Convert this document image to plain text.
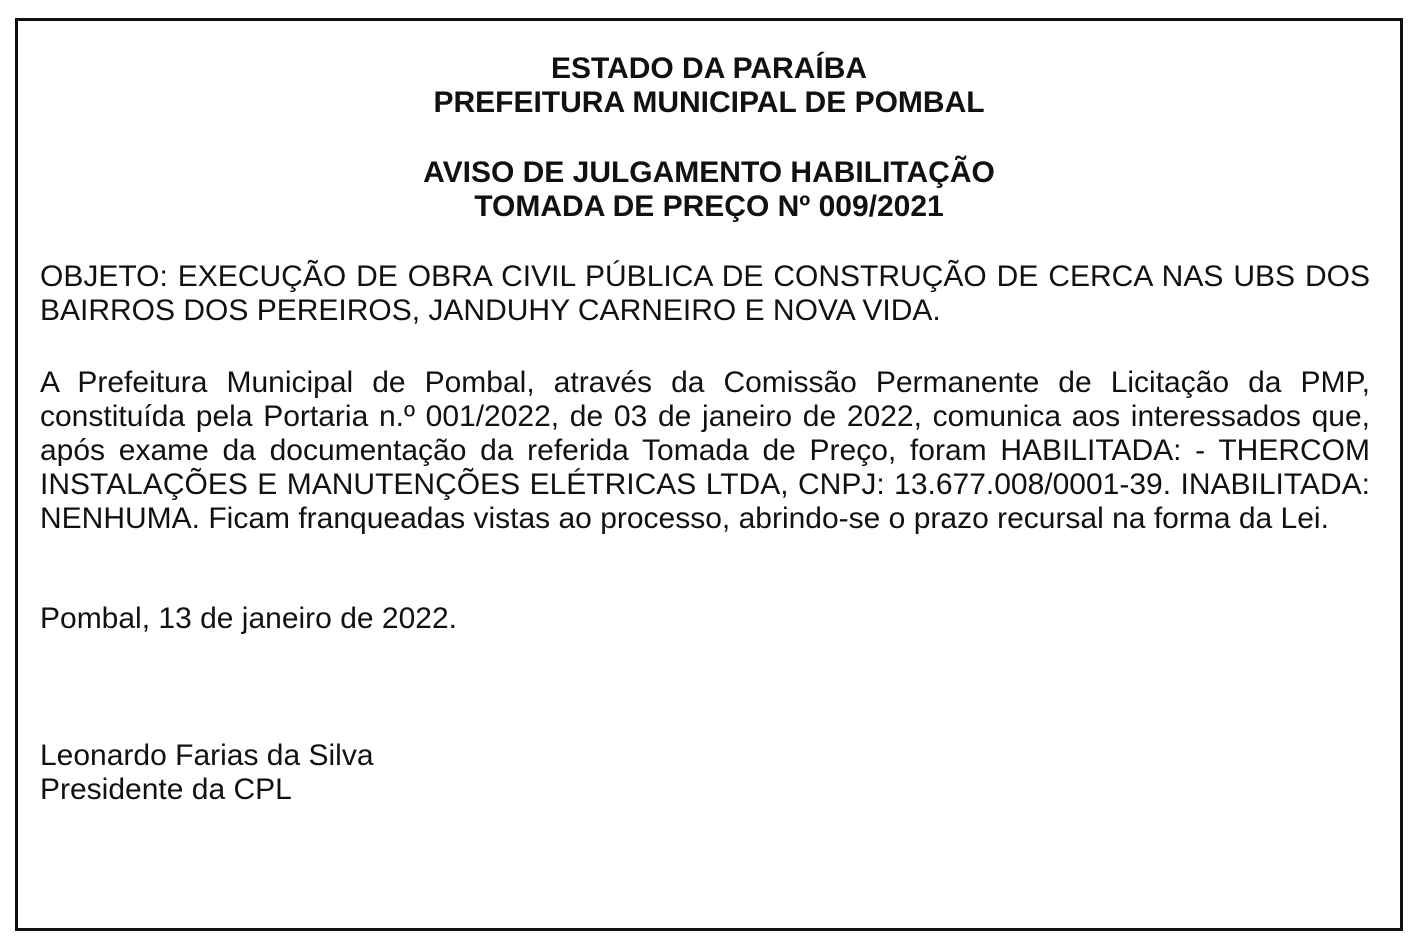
ESTADO DA PARAÍBA
PREFEITURA MUNICIPAL DE POMBAL
AVISO DE JULGAMENTO HABILITAÇÃO
TOMADA DE PREÇO Nº 009/2021

OBJETO: EXECUÇÃO DE OBRA CIVIL PÚBLICA DE CONSTRUÇÃO DE CERCA NAS UBS DOS BAIRROS DOS PEREIROS, JANDUHY CARNEIRO E NOVA VIDA.

A Prefeitura Municipal de Pombal, através da Comissão Permanente de Licitação da PMP, constituída pela Portaria n.º 001/2022, de 03 de janeiro de 2022, comunica aos interessados que, após exame da documentação da referida Tomada de Preço, foram HABILITADA: - THERCOM INSTALAÇÕES E MANUTENÇÕES ELÉTRICAS LTDA, CNPJ: 13.677.008/0001-39. INABILITADA: NENHUMA. Ficam franqueadas vistas ao processo, abrindo-se o prazo recursal na forma da Lei.

Pombal, 13 de janeiro de 2022.

Leonardo Farias da Silva
Presidente da CPL
